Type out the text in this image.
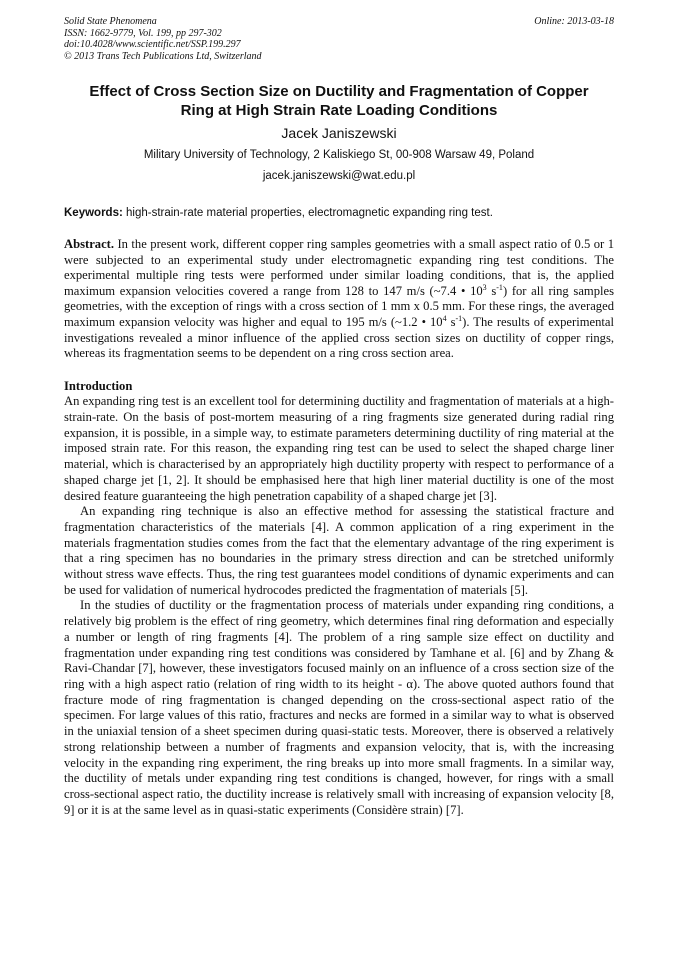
Solid State Phenomena
ISSN: 1662-9779, Vol. 199, pp 297-302
doi:10.4028/www.scientific.net/SSP.199.297
© 2013 Trans Tech Publications Ltd, Switzerland
Online: 2013-03-18
Effect of Cross Section Size on Ductility and Fragmentation of Copper
Ring at High Strain Rate Loading Conditions
Jacek Janiszewski
Military University of Technology, 2 Kaliskiego St, 00-908 Warsaw 49, Poland
jacek.janiszewski@wat.edu.pl
Keywords: high-strain-rate material properties, electromagnetic expanding ring test.
Abstract. In the present work, different copper ring samples geometries with a small aspect ratio of 0.5 or 1 were subjected to an experimental study under electromagnetic expanding ring test conditions. The experimental multiple ring tests were performed under similar loading conditions, that is, the applied maximum expansion velocities covered a range from 128 to 147 m/s (~7.4 • $10^3$ $s^{-1}$) for all ring samples geometries, with the exception of rings with a cross section of 1 mm x 0.5 mm. For these rings, the averaged maximum expansion velocity was higher and equal to 195 m/s (~1.2 • $10^4$ $s^{-1}$). The results of experimental investigations revealed a minor influence of the applied cross section sizes on ductility of copper rings, whereas its fragmentation seems to be dependent on a ring cross section area.
Introduction

An expanding ring test is an excellent tool for determining ductility and fragmentation of materials at a high-strain-rate. On the basis of post-mortem measuring of a ring fragments size generated during radial ring expansion, it is possible, in a simple way, to estimate parameters determining ductility of ring material at the imposed strain rate. For this reason, the expanding ring test can be used to select the shaped charge liner material, which is characterised by an appropriately high ductility property with respect to performance of a shaped charge jet [1, 2]. It should be emphasised here that high liner material ductility is one of the most desired feature guaranteeing the high penetration capability of a shaped charge jet [3].

An expanding ring technique is also an effective method for assessing the statistical fracture and fragmentation characteristics of the materials [4]. A common application of a ring experiment in the materials fragmentation studies comes from the fact that the elementary advantage of the ring experiment is that a ring specimen has no boundaries in the primary stress direction and can be stretched uniformly without stress wave effects. Thus, the ring test guarantees model conditions of dynamic experiments and can be used for validation of numerical hydrocodes predicted the fragmentation of materials [5].

In the studies of ductility or the fragmentation process of materials under expanding ring conditions, a relatively big problem is the effect of ring geometry, which determines final ring deformation and especially a number or length of ring fragments [4]. The problem of a ring sample size effect on ductility and fragmentation under expanding ring test conditions was considered by Tamhane et al. [6] and by Zhang & Ravi-Chandar [7], however, these investigators focused mainly on an influence of a cross section size of the ring with a high aspect ratio (relation of ring width to its height - α). The above quoted authors found that fracture mode of ring fragmentation is changed depending on the cross-sectional aspect ratio of the specimen. For large values of this ratio, fractures and necks are formed in a similar way to what is observed in the uniaxial tension of a sheet specimen during quasi-static tests. Moreover, there is observed a relatively strong relationship between a number of fragments and expansion velocity, that is, with the increasing velocity in the expanding ring experiment, the ring breaks up into more small fragments. In a similar way, the ductility of metals under expanding ring test conditions is changed, however, for rings with a small cross-sectional aspect ratio, the ductility increase is relatively small with increasing of expansion velocity [8, 9] or it is at the same level as in quasi-static experiments (Considère strain) [7].
